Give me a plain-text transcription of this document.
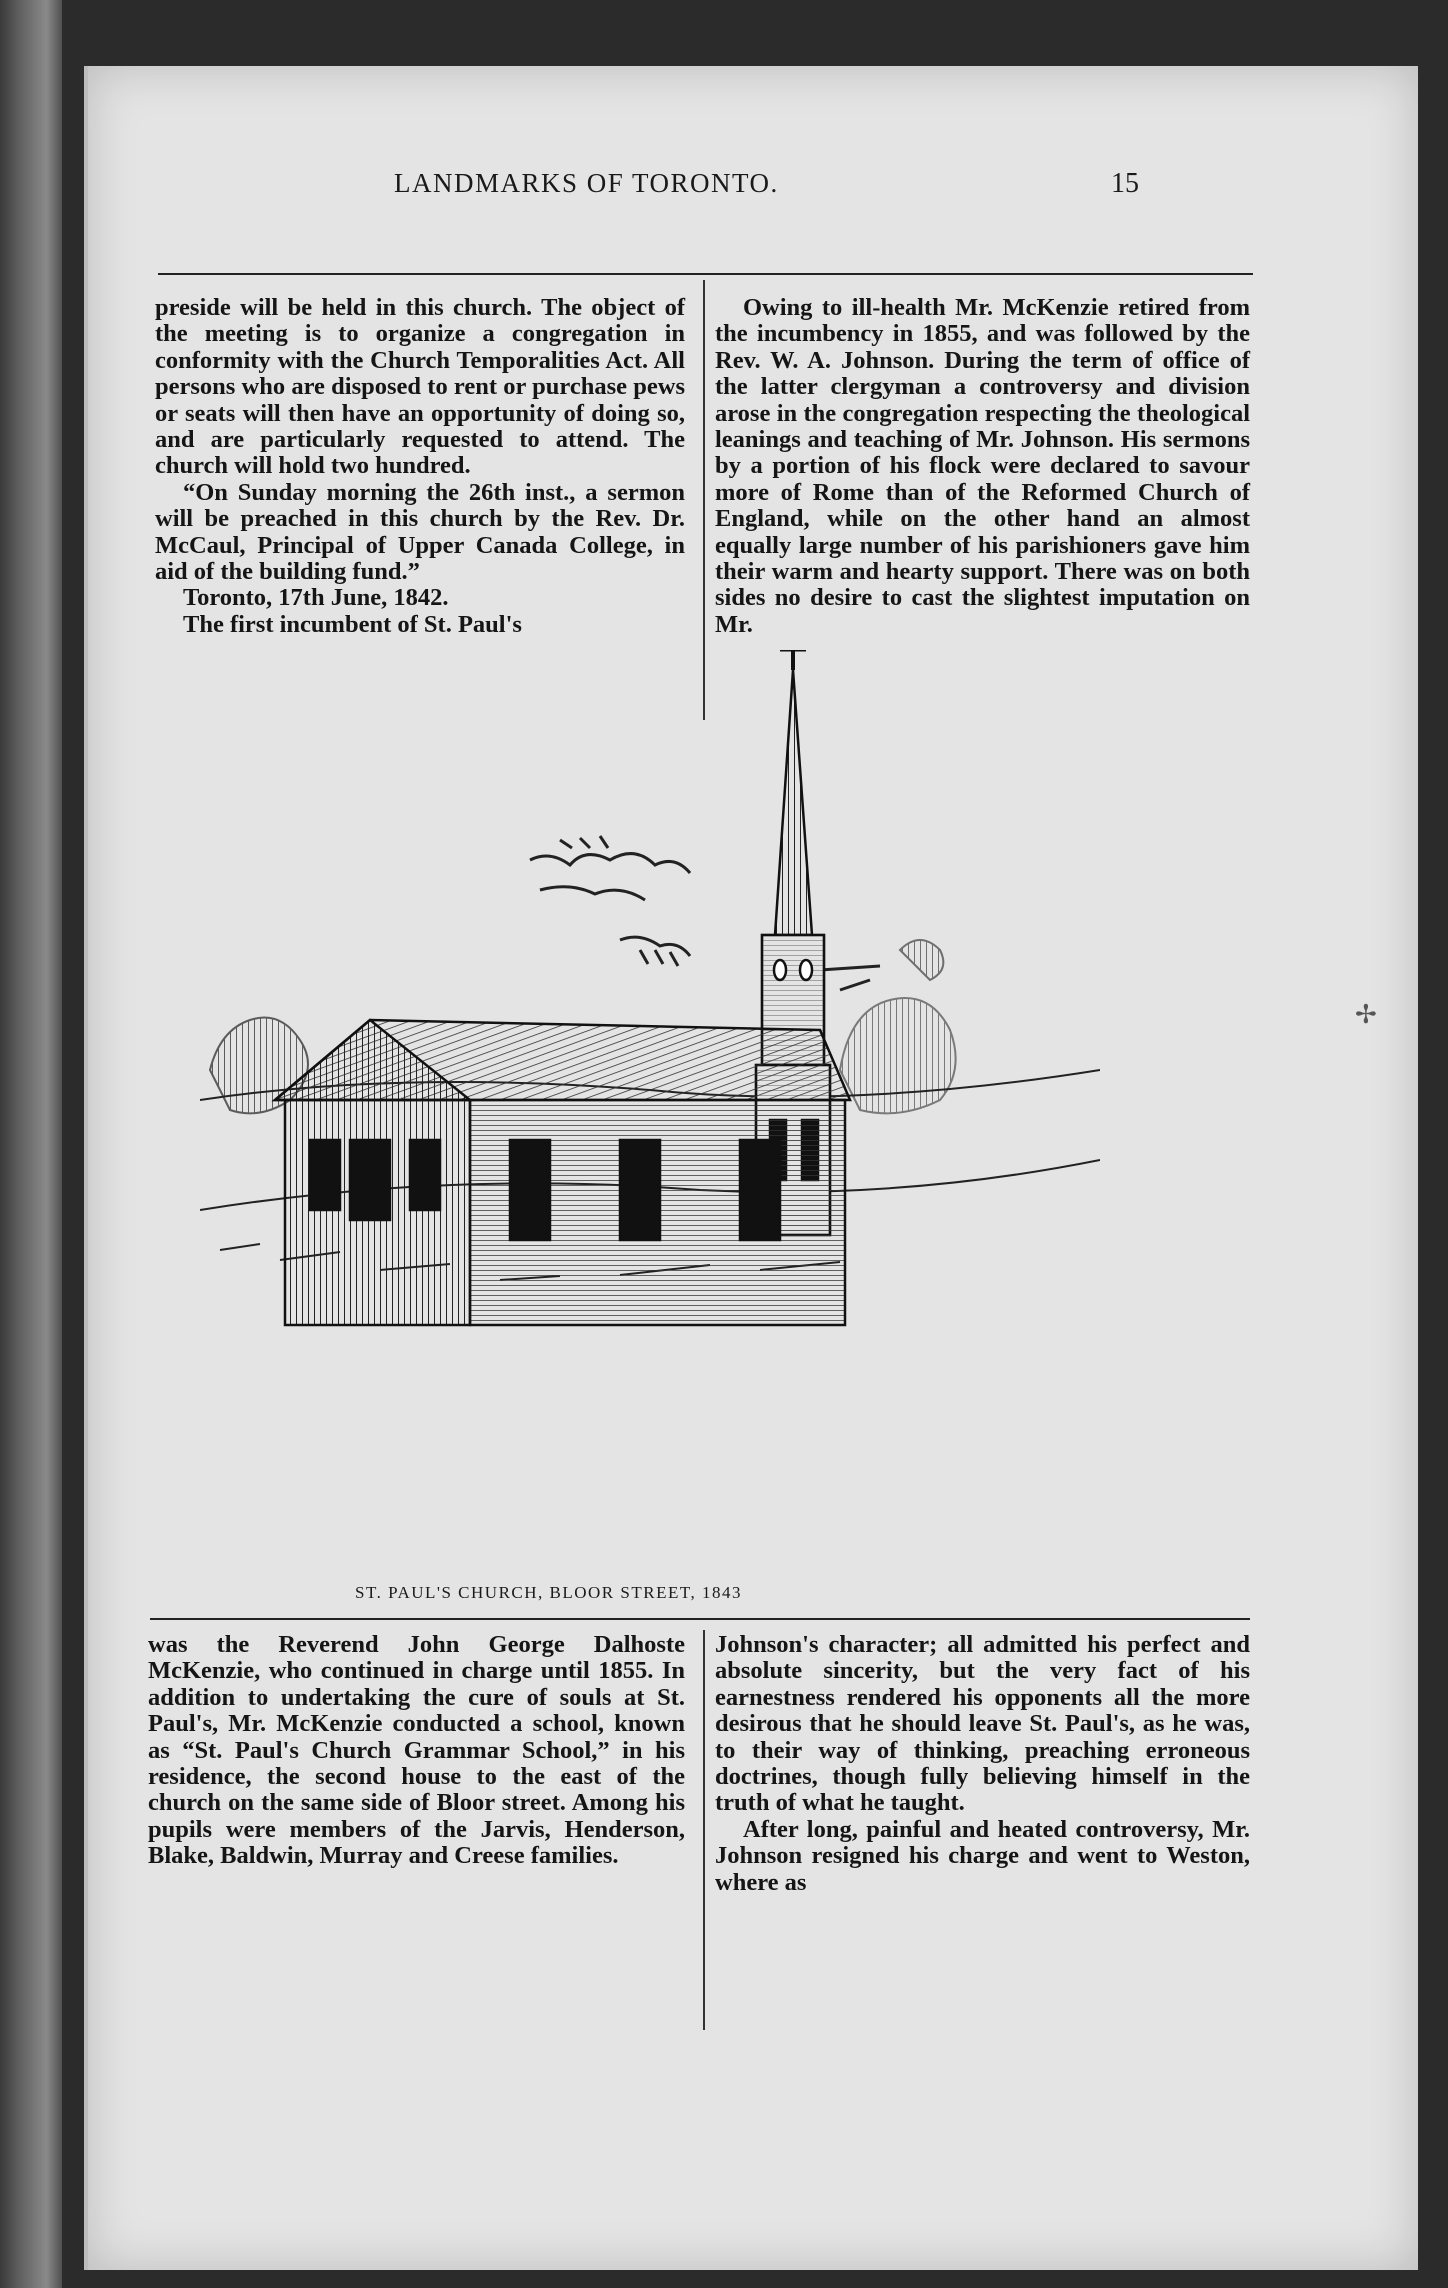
LANDMARKS OF TORONTO.	15

preside will be held in this church. The object of the meeting is to organize a congregation in conformity with the Church Temporalities Act. All persons who are disposed to rent or purchase pews or seats will then have an opportunity of doing so, and are particularly requested to attend. The church will hold two hundred.

“On Sunday morning the 26th inst., a sermon will be preached in this church by the Rev. Dr. McCaul, Principal of Upper Canada College, in aid of the building fund.”

Toronto, 17th June, 1842.

The first incumbent of St. Paul's

Owing to ill-health Mr. McKenzie retired from the incumbency in 1855, and was followed by the Rev. W. A. Johnson. During the term of office of the latter clergyman a controversy and division arose in the congregation respecting the theological leanings and teaching of Mr. Johnson. His sermons by a portion of his flock were declared to savour more of Rome than of the Reformed Church of England, while on the other hand an almost equally large number of his parishioners gave him their warm and hearty support. There was on both sides no desire to cast the slightest imputation on Mr.

ST. PAUL'S CHURCH, BLOOR STREET, 1843

was the Reverend John George Dalhoste McKenzie, who continued in charge until 1855. In addition to undertaking the cure of souls at St. Paul's, Mr. McKenzie conducted a school, known as “St. Paul's Church Grammar School,” in his residence, the second house to the east of the church on the same side of Bloor street. Among his pupils were members of the Jarvis, Henderson, Blake, Baldwin, Murray and Creese families.

Johnson's character; all admitted his perfect and absolute sincerity, but the very fact of his earnestness rendered his opponents all the more desirous that he should leave St. Paul's, as he was, to their way of thinking, preaching erroneous doctrines, though fully believing himself in the truth of what he taught.

After long, painful and heated controversy, Mr. Johnson resigned his charge and went to Weston, where as

✢
